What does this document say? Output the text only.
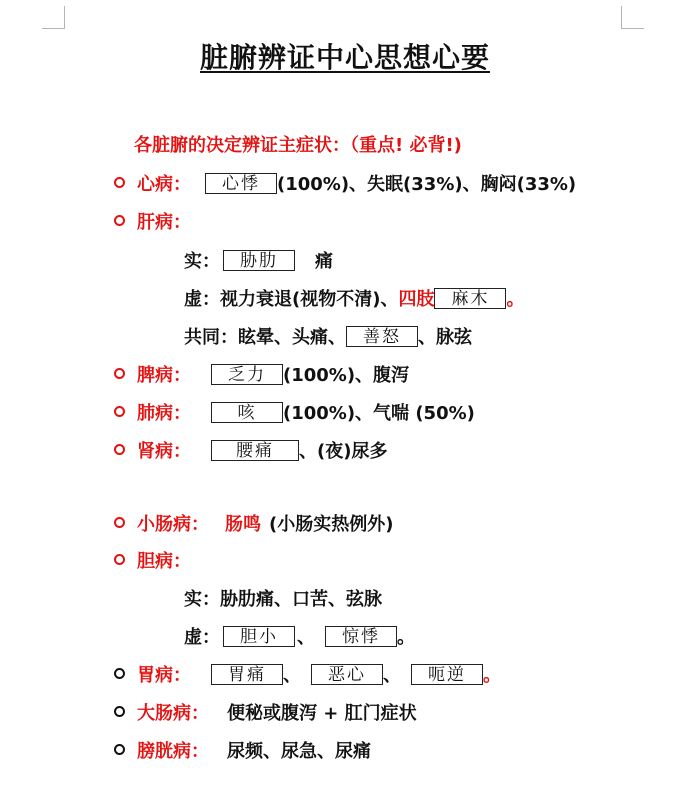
脏腑辨证中心思想心要
各脏腑的决定辨证主症状：（重点! 必背!)
心病： 心悸 (100%)、失眠(33%)、胸闷(33%)
肝病：
实： 胁肋 痛
虚：视力衰退(视物不清)、四肢 麻木 。
共同：眩晕、头痛、 善怒 、脉弦
脾病： 乏力 (100%)、腹泻
肺病：	咳 (100%)、气喘 (50%)
肾病：	腰痛 、(夜)尿多
小肠病： 肠鸣 (小肠实热例外)
胆病：
实：胁肋痛、口苦、弦脉
虚： 胆小 、 惊悸 。
胃病： 胃痛 、 恶心 、 呃逆 。
大肠病： 便秘或腹泻 + 肛门症状
膀胱病： 尿频、尿急、尿痛
